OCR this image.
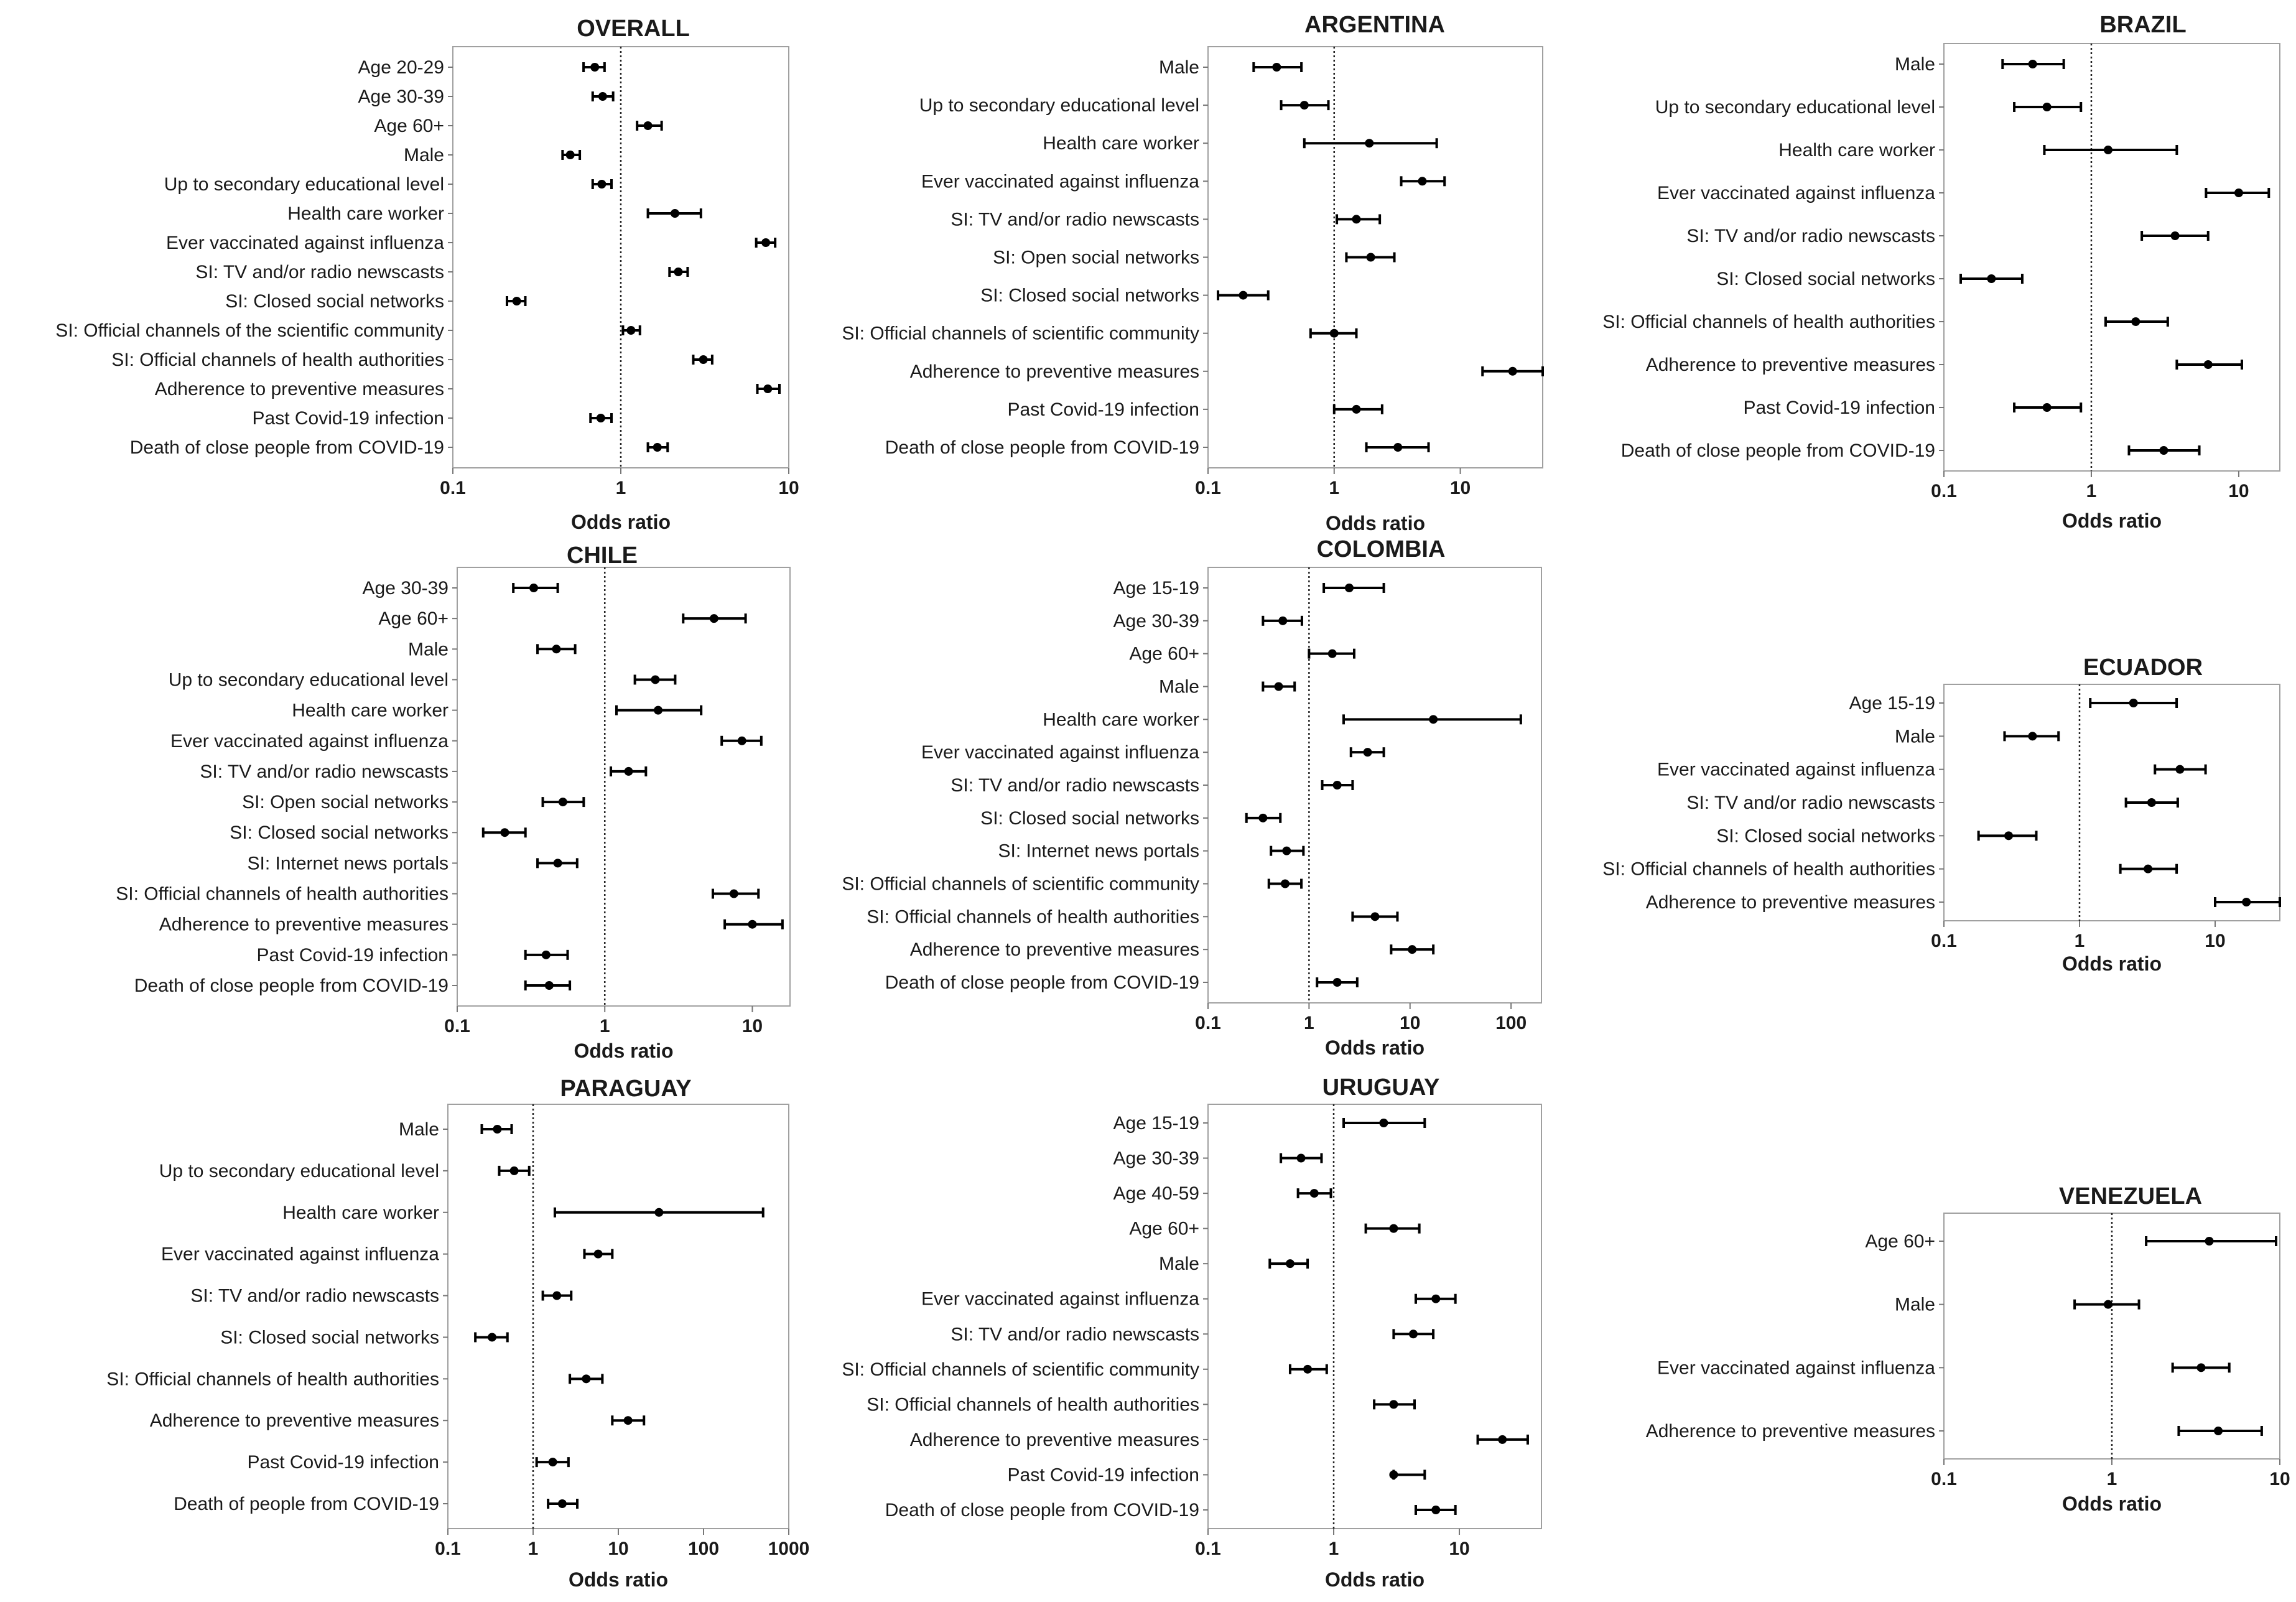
OVERALL
0.1	1	10
Odds ratio
Age 20-29
Age 30-39
Age 60+
Male
Up to secondary educational level
Health care worker
Ever vaccinated against influenza
SI: TV and/or radio newscasts
SI: Closed social networks
SI: Official channels of the scientific community
SI: Official channels of health authorities
Adherence to preventive measures
Past Covid-19 infection
Death of close people from COVID-19
ARGENTINA
0.1	1	10
Odds ratio
Male
Up to secondary educational level
Health care worker
Ever vaccinated against influenza
SI: TV and/or radio newscasts
SI: Open social networks
SI: Closed social networks
SI: Official channels of scientific community
Adherence to preventive measures
Past Covid-19 infection
Death of close people from COVID-19
BRAZIL
0.1	1	10
Odds ratio
Male
Up to secondary educational level
Health care worker
Ever vaccinated against influenza
SI: TV and/or radio newscasts
SI: Closed social networks
SI: Official channels of health authorities
Adherence to preventive measures
Past Covid-19 infection
Death of close people from COVID-19
CHILE
0.1	1	10
Odds ratio
Age 30-39
Age 60+
Male
Up to secondary educational level
Health care worker
Ever vaccinated against influenza
SI: TV and/or radio newscasts
SI: Open social networks
SI: Closed social networks
SI: Internet news portals
SI: Official channels of health authorities
Adherence to preventive measures
Past Covid-19 infection
Death of close people from COVID-19
COLOMBIA
0.1	1	10	100
Odds ratio
Age 15-19
Age 30-39
Age 60+
Male
Health care worker
Ever vaccinated against influenza
SI: TV and/or radio newscasts
SI: Closed social networks
SI: Internet news portals
SI: Official channels of scientific community
SI: Official channels of health authorities
Adherence to preventive measures
Death of close people from COVID-19
ECUADOR
0.1	1	10
Odds ratio
Age 15-19
Male
Ever vaccinated against influenza
SI: TV and/or radio newscasts
SI: Closed social networks
SI: Official channels of health authorities
Adherence to preventive measures
PARAGUAY
0.1	1	10	100	1000
Odds ratio
Male
Up to secondary educational level
Health care worker
Ever vaccinated against influenza
SI: TV and/or radio newscasts
SI: Closed social networks
SI: Official channels of health authorities
Adherence to preventive measures
Past Covid-19 infection
Death of people from COVID-19
URUGUAY
0.1	1	10
Odds ratio
Age 15-19
Age 30-39
Age 40-59
Age 60+
Male
Ever vaccinated against influenza
SI: TV and/or radio newscasts
SI: Official channels of scientific community
SI: Official channels of health authorities
Adherence to preventive measures
Past Covid-19 infection
Death of close people from COVID-19
VENEZUELA
0.1	1	10
Odds ratio
Age 60+
Male
Ever vaccinated against influenza
Adherence to preventive measures
